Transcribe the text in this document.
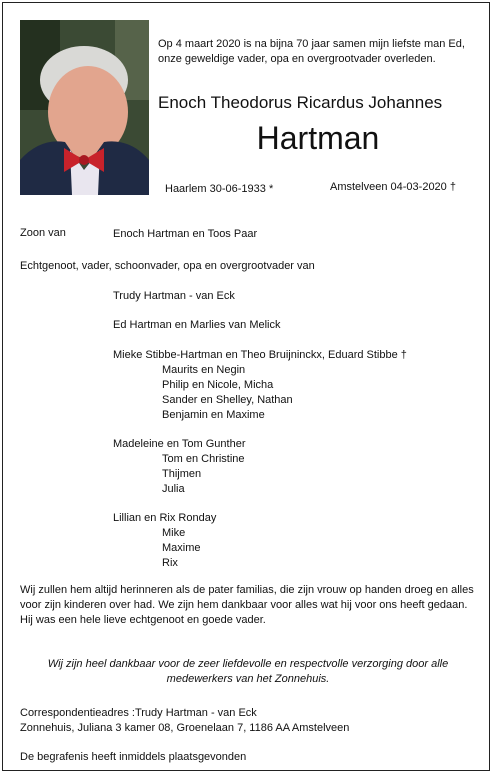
Op 4 maart 2020 is na bijna 70 jaar samen mijn liefste man Ed, onze geweldige vader, opa en overgrootvader overleden.
Enoch Theodorus Ricardus Johannes
Hartman
Haarlem 30-06-1933 *	Amstelveen 04-03-2020 †
Zoon van	Enoch Hartman en Toos Paar
Echtgenoot, vader, schoonvader, opa en overgrootvader van
Trudy Hartman - van Eck
Ed Hartman en Marlies van Melick
Mieke Stibbe-Hartman en Theo Bruijninckx, Eduard Stibbe †
Maurits en Negin
Philip en Nicole, Micha
Sander en Shelley, Nathan
Benjamin en Maxime
Madeleine en Tom Gunther
Tom en Christine
Thijmen
Julia
Lillian en Rix Ronday
Mike
Maxime
Rix
Wij zullen hem altijd herinneren als de pater familias, die zijn vrouw op handen droeg en alles voor zijn kinderen over had. We zijn hem dankbaar voor alles wat hij voor ons heeft gedaan. Hij was een hele lieve echtgenoot en goede vader.
Wij zijn heel dankbaar voor de zeer liefdevolle en respectvolle verzorging door alle medewerkers van het Zonnehuis.
Correspondentieadres :Trudy Hartman - van Eck
Zonnehuis, Juliana 3 kamer 08, Groenelaan 7, 1186 AA Amstelveen
De begrafenis heeft inmiddels plaatsgevonden
